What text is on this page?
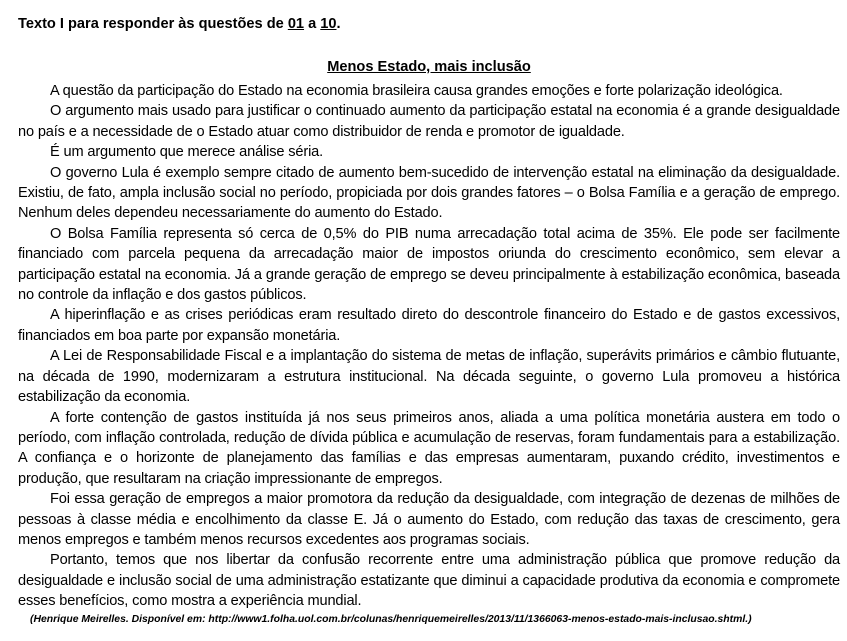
Texto I para responder às questões de 01 a 10.

Menos Estado, mais inclusão

A questão da participação do Estado na economia brasileira causa grandes emoções e forte polarização ideológica.

O argumento mais usado para justificar o continuado aumento da participação estatal na economia é a grande desigualdade no país e a necessidade de o Estado atuar como distribuidor de renda e promotor de igualdade.

É um argumento que merece análise séria.

O governo Lula é exemplo sempre citado de aumento bem-sucedido de intervenção estatal na eliminação da desigualdade. Existiu, de fato, ampla inclusão social no período, propiciada por dois grandes fatores – o Bolsa Família e a geração de emprego. Nenhum deles dependeu necessariamente do aumento do Estado.

O Bolsa Família representa só cerca de 0,5% do PIB numa arrecadação total acima de 35%. Ele pode ser facilmente financiado com parcela pequena da arrecadação maior de impostos oriunda do crescimento econômico, sem elevar a participação estatal na economia. Já a grande geração de emprego se deveu principalmente à estabilização econômica, baseada no controle da inflação e dos gastos públicos.

A hiperinflação e as crises periódicas eram resultado direto do descontrole financeiro do Estado e de gastos excessivos, financiados em boa parte por expansão monetária.

A Lei de Responsabilidade Fiscal e a implantação do sistema de metas de inflação, superávits primários e câmbio flutuante, na década de 1990, modernizaram a estrutura institucional. Na década seguinte, o governo Lula promoveu a histórica estabilização da economia.

A forte contenção de gastos instituída já nos seus primeiros anos, aliada a uma política monetária austera em todo o período, com inflação controlada, redução de dívida pública e acumulação de reservas, foram fundamentais para a estabilização. A confiança e o horizonte de planejamento das famílias e das empresas aumentaram, puxando crédito, investimentos e produção, que resultaram na criação impressionante de empregos.

Foi essa geração de empregos a maior promotora da redução da desigualdade, com integração de dezenas de milhões de pessoas à classe média e encolhimento da classe E. Já o aumento do Estado, com redução das taxas de crescimento, gera menos empregos e também menos recursos excedentes aos programas sociais.

Portanto, temos que nos libertar da confusão recorrente entre uma administração pública que promove redução da desigualdade e inclusão social de uma administração estatizante que diminui a capacidade produtiva da economia e compromete esses benefícios, como mostra a experiência mundial.

(Henrique Meirelles. Disponível em: http://www1.folha.uol.com.br/colunas/henriquemeirelles/2013/11/1366063-menos-estado-mais-inclusao.shtml.)
